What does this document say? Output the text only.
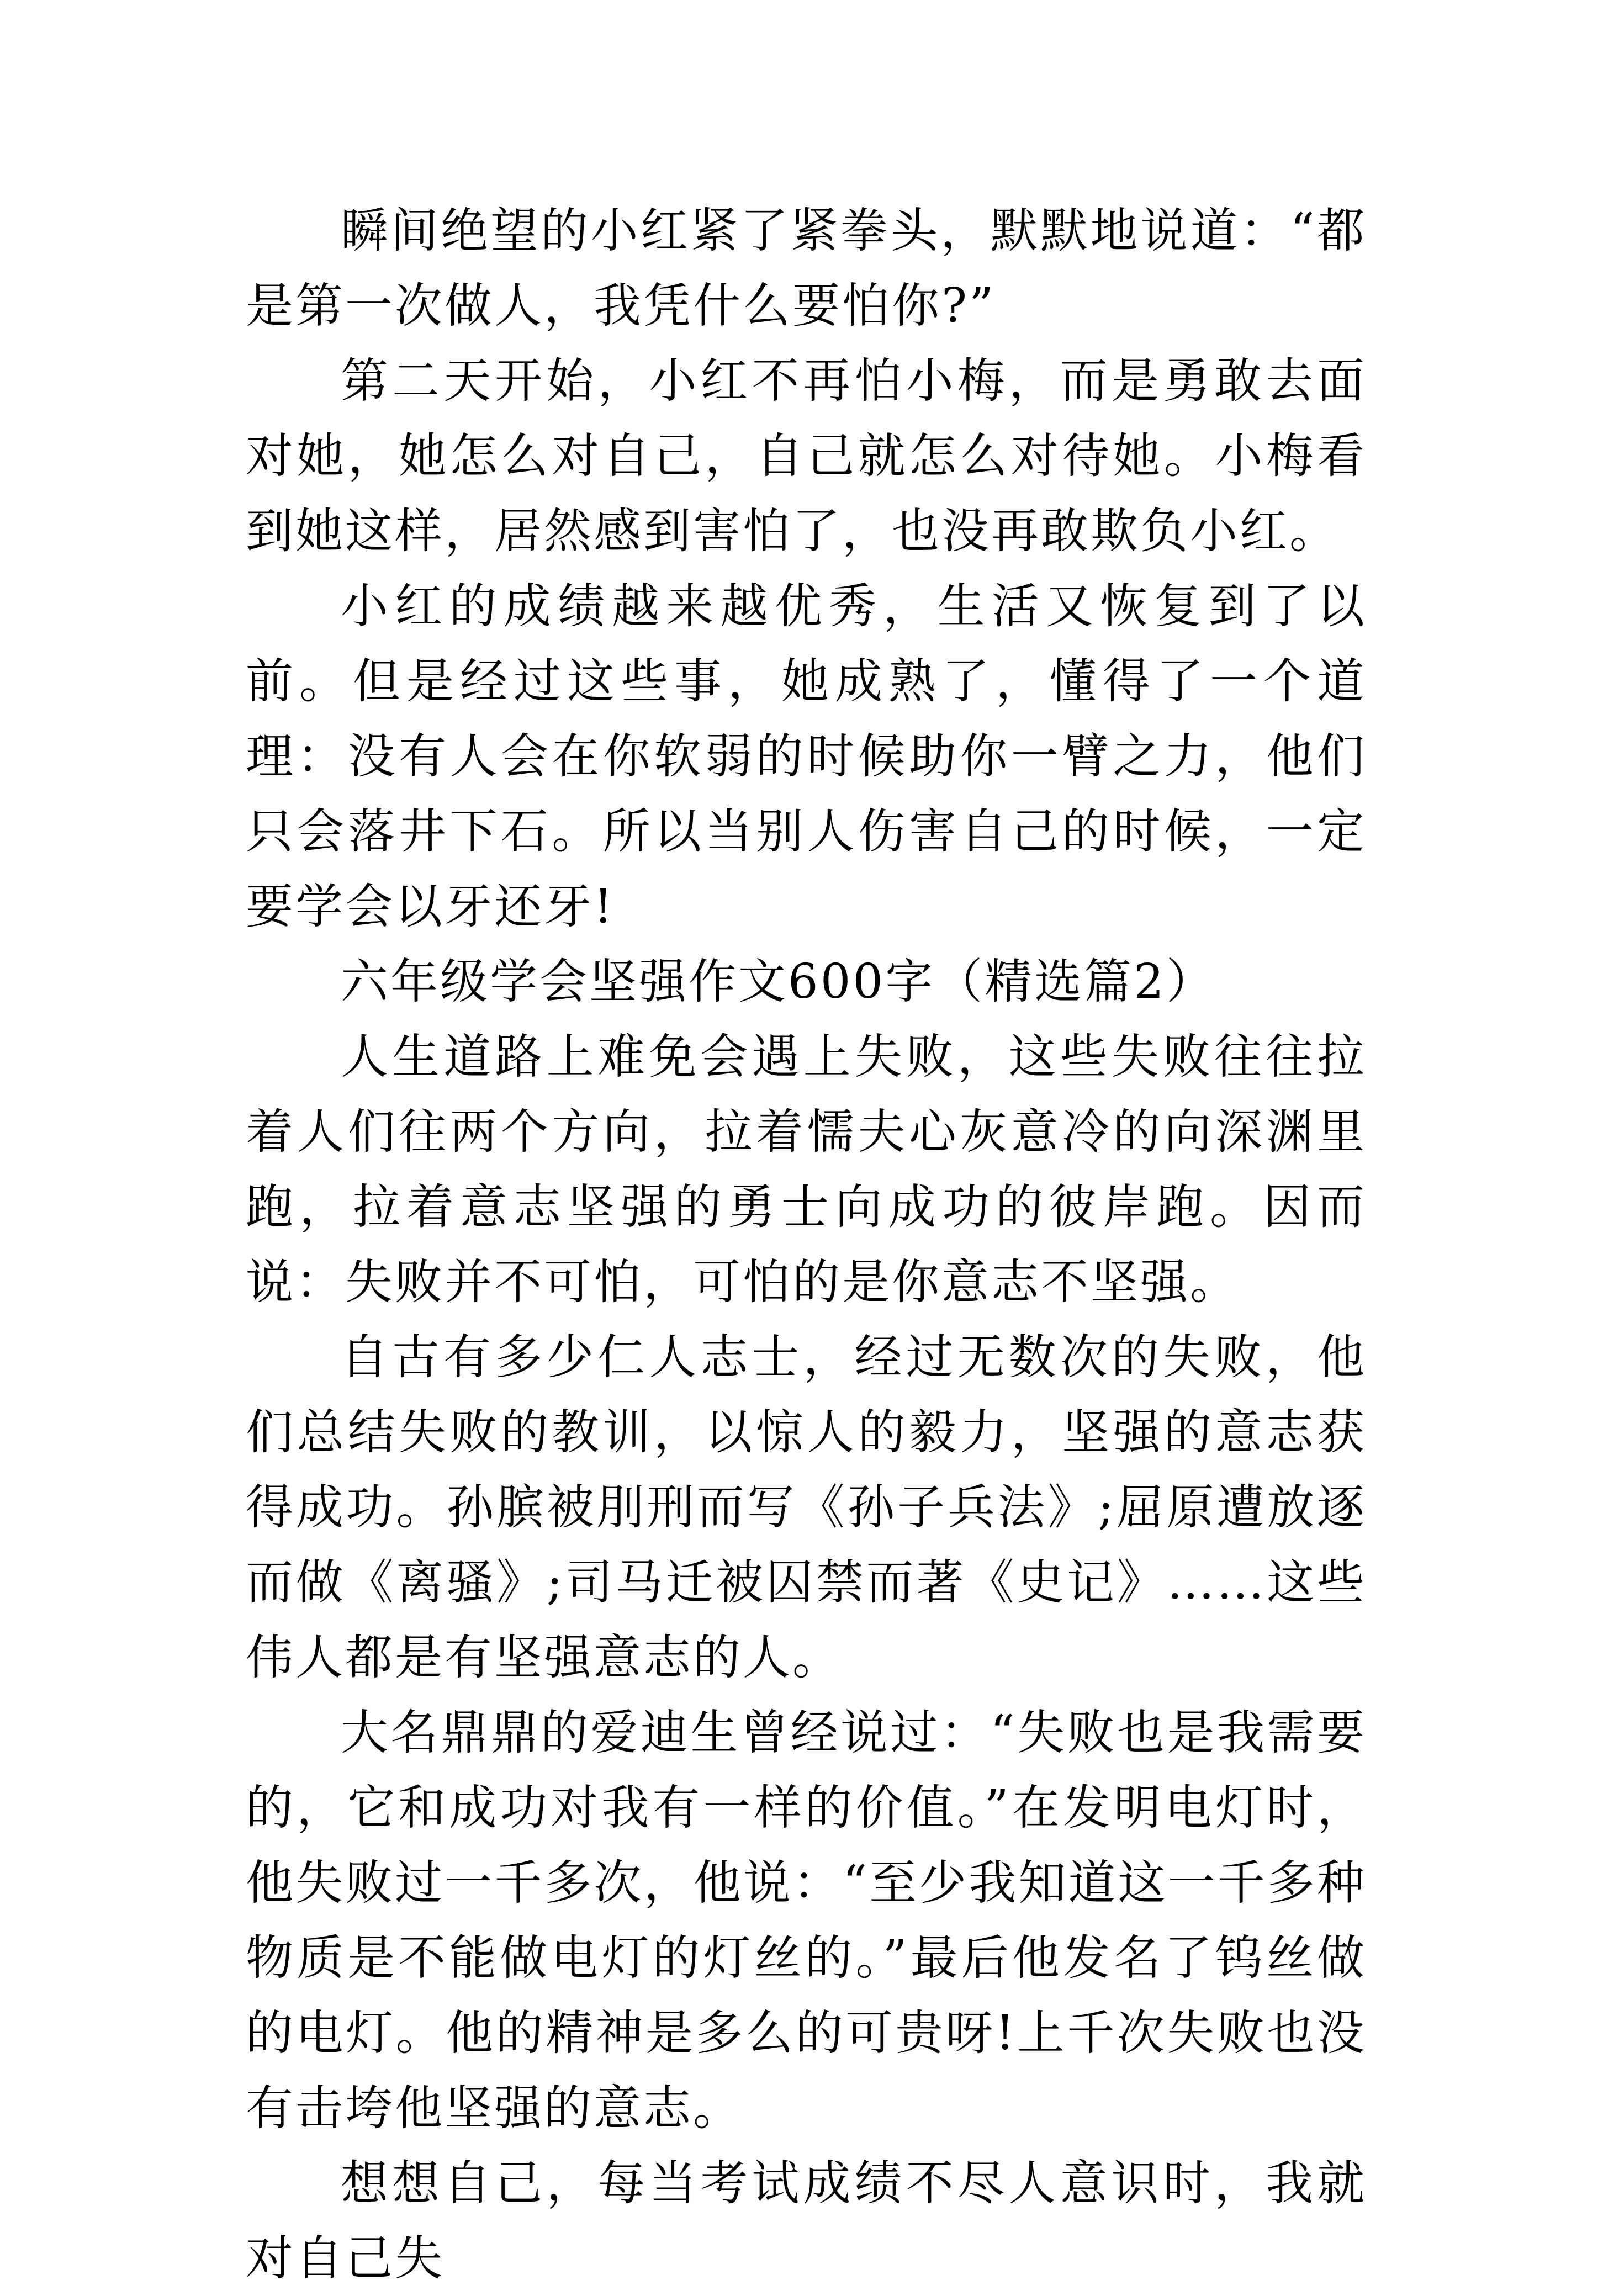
瞬间绝望的小红紧了紧拳头，默默地说道：“都是第一次做人，我凭什么要怕你?”

第二天开始，小红不再怕小梅，而是勇敢去面对她，她怎么对自己，自己就怎么对待她。小梅看到她这样，居然感到害怕了，也没再敢欺负小红。

小红的成绩越来越优秀，生活又恢复到了以前。但是经过这些事，她成熟了，懂得了一个道理：没有人会在你软弱的时候助你一臂之力，他们只会落井下石。所以当别人伤害自己的时候，一定要学会以牙还牙!

六年级学会坚强作文600字（精选篇2）

人生道路上难免会遇上失败，这些失败往往拉着人们往两个方向，拉着懦夫心灰意冷的向深渊里跑，拉着意志坚强的勇士向成功的彼岸跑。因而说：失败并不可怕，可怕的是你意志不坚强。

自古有多少仁人志士，经过无数次的失败，他们总结失败的教训，以惊人的毅力，坚强的意志获得成功。孙膑被刖刑而写《孙子兵法》;屈原遭放逐而做《离骚》;司马迁被囚禁而著《史记》……这些伟人都是有坚强意志的人。

大名鼎鼎的爱迪生曾经说过：“失败也是我需要的，它和成功对我有一样的价值。”在发明电灯时，他失败过一千多次，他说：“至少我知道这一千多种物质是不能做电灯的灯丝的。”最后他发名了钨丝做的电灯。他的精神是多么的可贵呀!上千次失败也没有击垮他坚强的意志。

想想自己，每当考试成绩不尽人意识时，我就对自己失
